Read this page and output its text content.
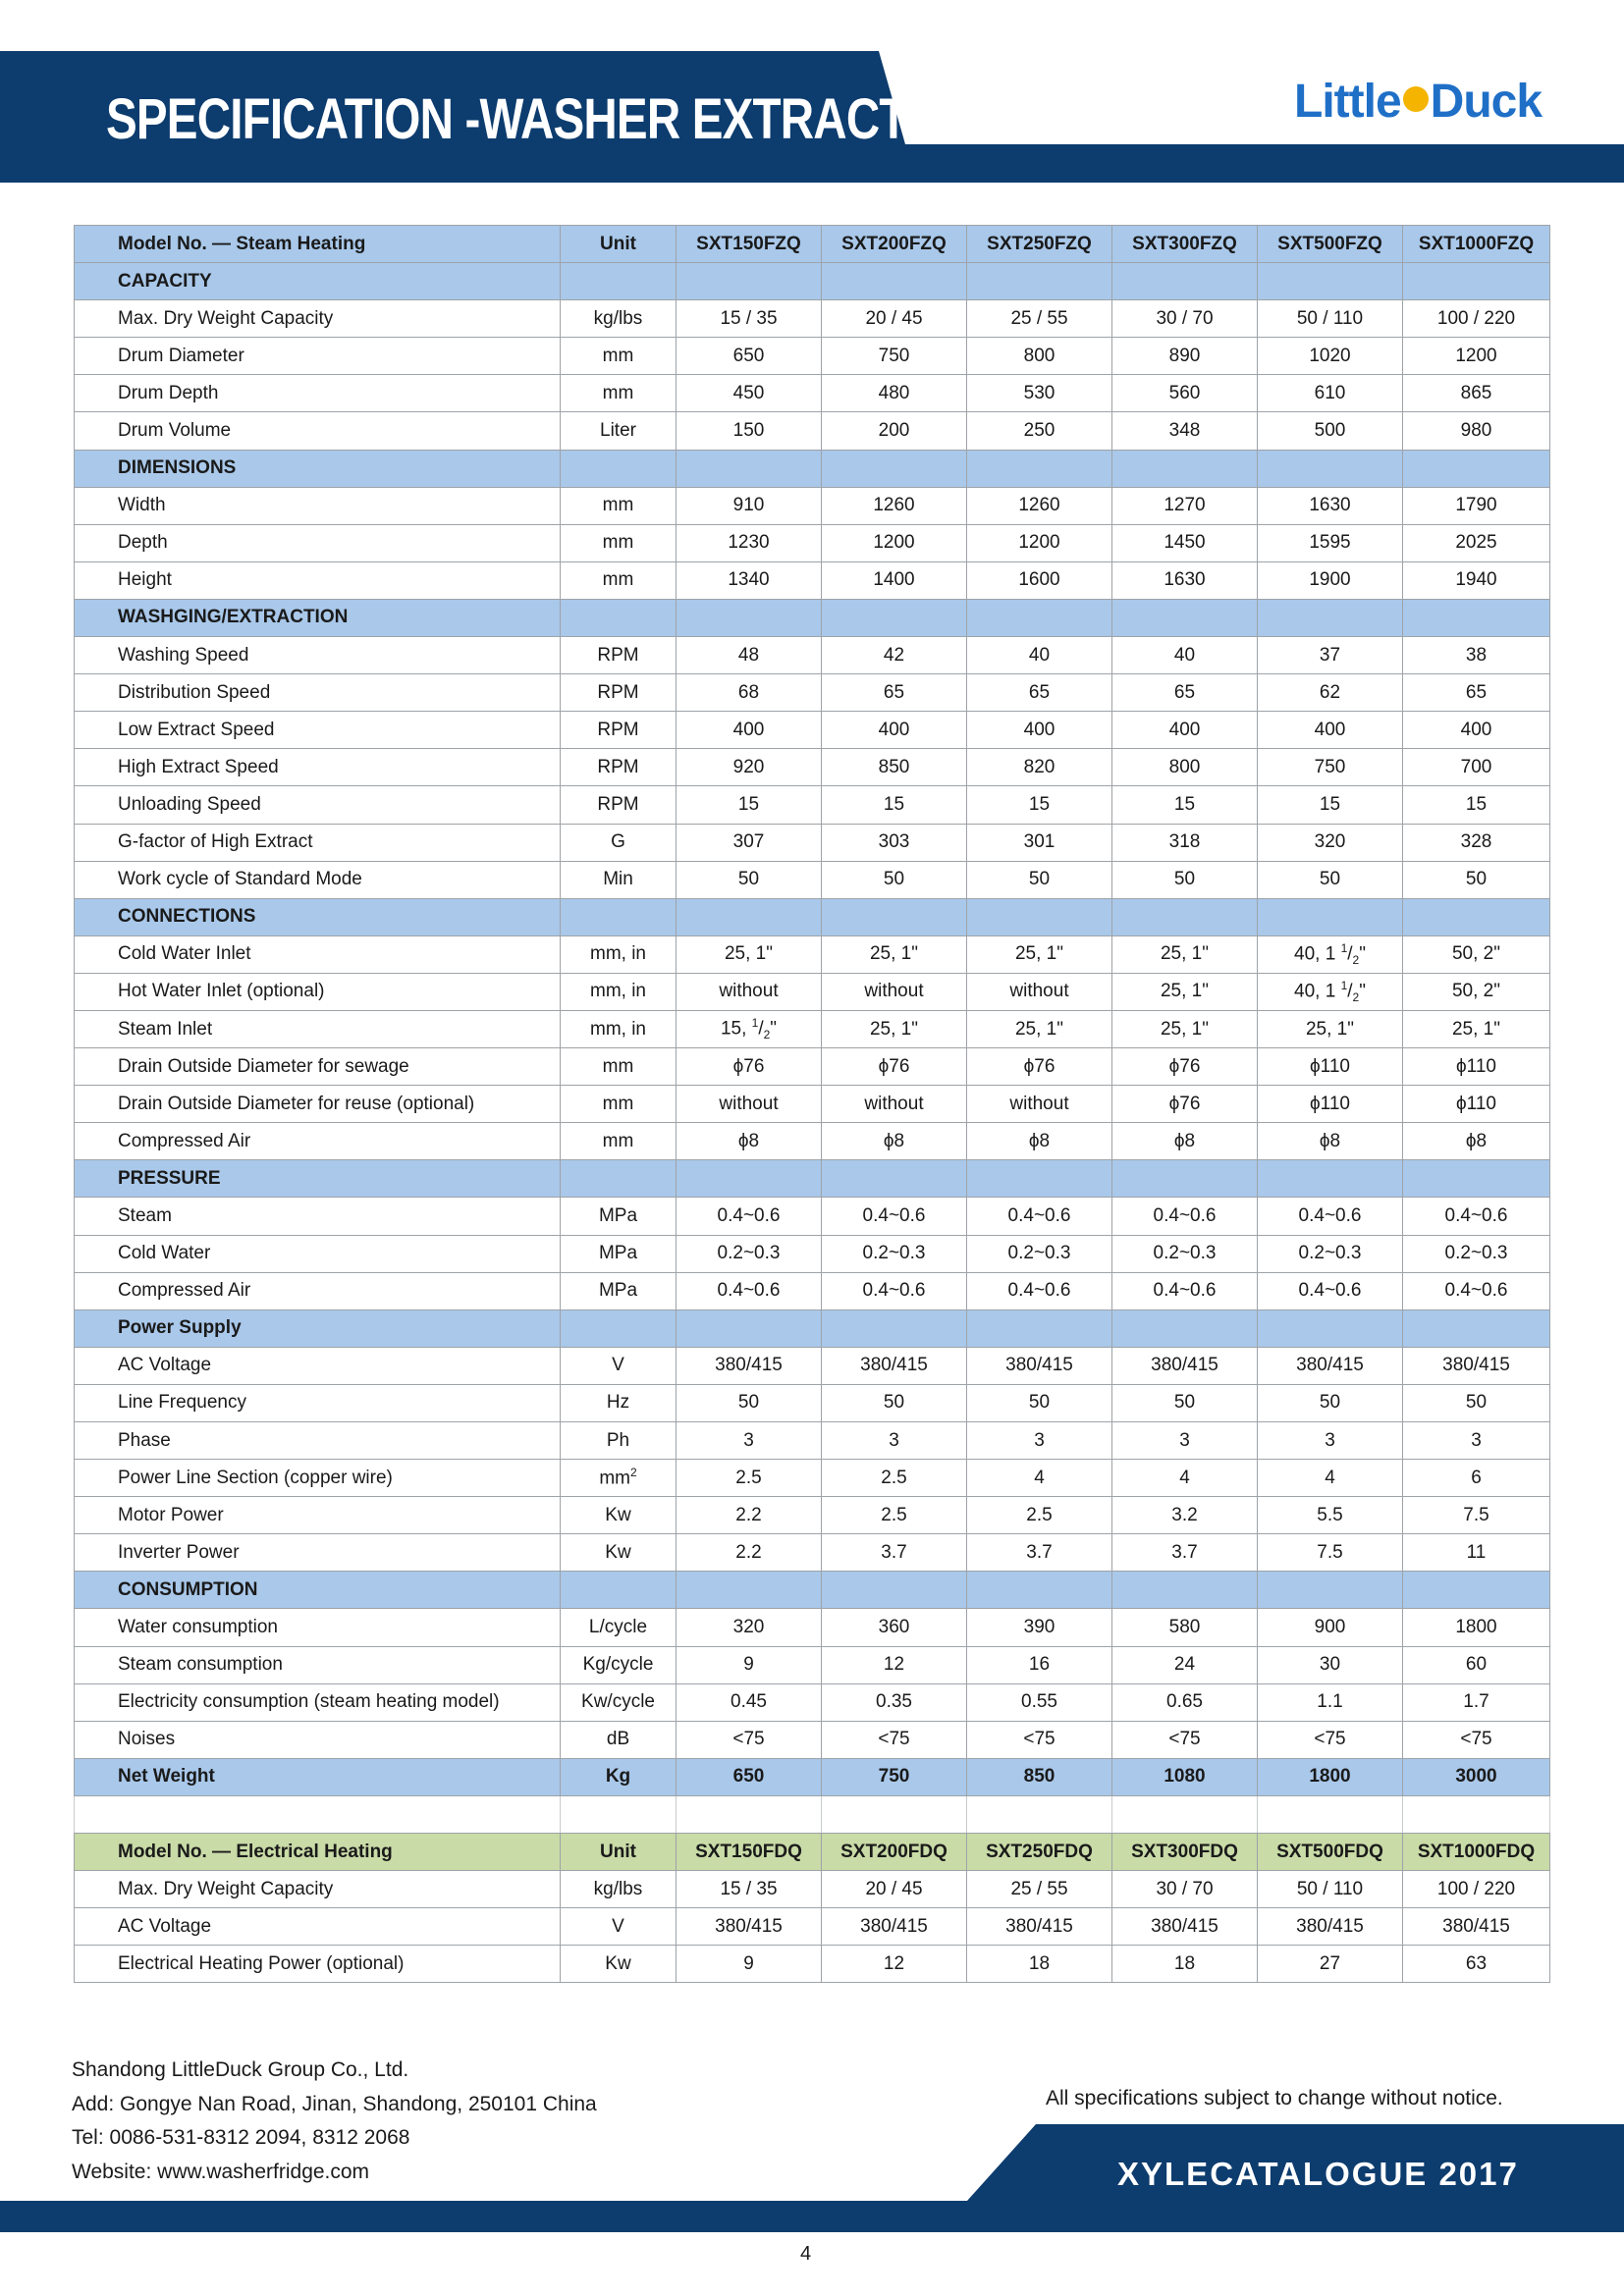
SPECIFICATION -WASHER EXTRACTOR	Little Duck
Model No. — Steam Heating	Unit	SXT150FZQ	SXT200FZQ	SXT250FZQ	SXT300FZQ	SXT500FZQ	SXT1000FZQ
CAPACITY							
Max. Dry Weight Capacity	kg/lbs	15 / 35	20 / 45	25 / 55	30 / 70	50 / 110	100 / 220
Drum Diameter	mm	650	750	800	890	1020	1200
Drum Depth	mm	450	480	530	560	610	865
Drum Volume	Liter	150	200	250	348	500	980
DIMENSIONS							
Width	mm	910	1260	1260	1270	1630	1790
Depth	mm	1230	1200	1200	1450	1595	2025
Height	mm	1340	1400	1600	1630	1900	1940
WASHGING/EXTRACTION							
Washing Speed	RPM	48	42	40	40	37	38
Distribution Speed	RPM	68	65	65	65	62	65
Low Extract Speed	RPM	400	400	400	400	400	400
High Extract Speed	RPM	920	850	820	800	750	700
Unloading Speed	RPM	15	15	15	15	15	15
G-factor of High Extract	G	307	303	301	318	320	328
Work cycle of Standard Mode	Min	50	50	50	50	50	50
CONNECTIONS							
Cold Water Inlet	mm, in	25, 1"	25, 1"	25, 1"	25, 1"	40, 1 $^1/_2$"	50, 2"
Hot Water Inlet (optional)	mm, in	without	without	without	25, 1"	40, 1 $^1/_2$"	50, 2"
Steam Inlet	mm, in	15, $^1/_2$"	25, 1"	25, 1"	25, 1"	25, 1"	25, 1"
Drain Outside Diameter for sewage	mm	ϕ76	ϕ76	ϕ76	ϕ76	ϕ110	ϕ110
Drain Outside Diameter for reuse (optional)	mm	without	without	without	ϕ76	ϕ110	ϕ110
Compressed Air	mm	ϕ8	ϕ8	ϕ8	ϕ8	ϕ8	ϕ8
PRESSURE							
Steam	MPa	0.4~0.6	0.4~0.6	0.4~0.6	0.4~0.6	0.4~0.6	0.4~0.6
Cold Water	MPa	0.2~0.3	0.2~0.3	0.2~0.3	0.2~0.3	0.2~0.3	0.2~0.3
Compressed Air	MPa	0.4~0.6	0.4~0.6	0.4~0.6	0.4~0.6	0.4~0.6	0.4~0.6
Power Supply							
AC Voltage	V	380/415	380/415	380/415	380/415	380/415	380/415
Line Frequency	Hz	50	50	50	50	50	50
Phase	Ph	3	3	3	3	3	3
Power Line Section (copper wire)	$mm^2$	2.5	2.5	4	4	4	6
Motor Power	Kw	2.2	2.5	2.5	3.2	5.5	7.5
Inverter Power	Kw	2.2	3.7	3.7	3.7	7.5	11
CONSUMPTION							
Water consumption	L/cycle	320	360	390	580	900	1800
Steam consumption	Kg/cycle	9	12	16	24	30	60
Electricity consumption (steam heating model)	Kw/cycle	0.45	0.35	0.55	0.65	1.1	1.7
Noises	dB	<75	<75	<75	<75	<75	<75
Net Weight	Kg	650	750	850	1080	1800	3000

Model No. — Electrical Heating	Unit	SXT150FDQ	SXT200FDQ	SXT250FDQ	SXT300FDQ	SXT500FDQ	SXT1000FDQ
Max. Dry Weight Capacity	kg/lbs	15 / 35	20 / 45	25 / 55	30 / 70	50 / 110	100 / 220
AC Voltage	V	380/415	380/415	380/415	380/415	380/415	380/415
Electrical Heating Power (optional)	Kw	9	12	18	18	27	63
Shandong LittleDuck Group Co., Ltd.
Add: Gongye Nan Road, Jinan, Shandong, 250101 China
Tel: 0086-531-8312 2094, 8312 2068
Website: www.washerfridge.com
All specifications subject to change without notice.
XYLECATALOGUE 2017
4
